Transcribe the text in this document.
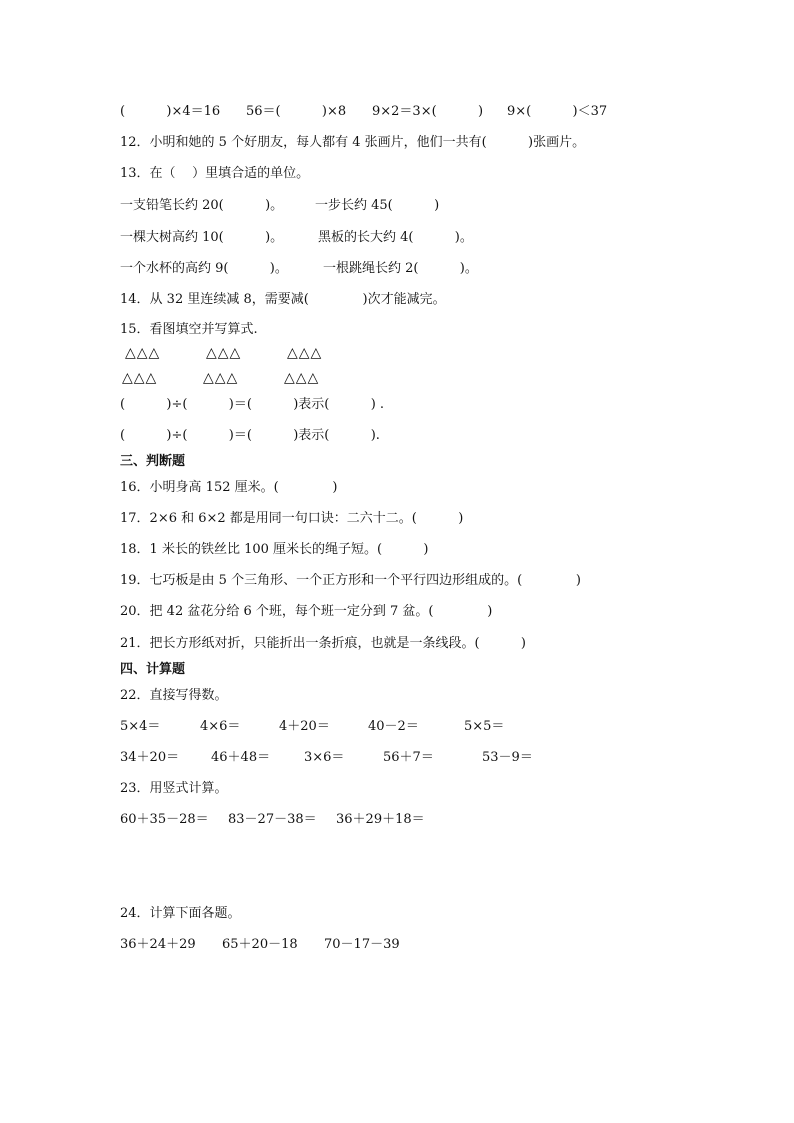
(          )×4＝16 56＝(          )×8 9×2＝3×(          ) 9×(          )＜37
12．小明和她的 5 个好朋友，每人都有 4 张画片，他们一共有(          )张画片。
13．在（    ）里填合适的单位。
一支铅笔长约 20(          )。 一步长约 45(          )
一棵大树高约 10(          )。	黑板的长大约 4(          )。
一个水杯的高约 9(          )。	一根跳绳长约 2(          )。
14．从 32 里连续减 8，需要减(             )次才能减完。
15．看图填空并写算式.
△△△	△△△	△△△
△△△	△△△	△△△
(          )÷(          )＝(          )表示(          ) .
(          )÷(          )＝(          )表示(          ).
三、判断题
16．小明身高 152 厘米。(             )
17．2×6 和 6×2 都是用同一句口诀：二六十二。(          )
18．1 米长的铁丝比 100 厘米长的绳子短。(          )
19．七巧板是由 5 个三角形、一个正方形和一个平行四边形组成的。(             )
20．把 42 盆花分给 6 个班，每个班一定分到 7 盆。(             )
21．把长方形纸对折，只能折出一条折痕，也就是一条线段。(          )
四、计算题
22．直接写得数。
5×4＝	4×6＝	4＋20＝	40－2＝	5×5＝
34＋20＝ 46＋48＝	3×6＝	56＋7＝	53－9＝
23．用竖式计算。
60＋35－28＝ 83－27－38＝ 36＋29＋18＝
24．计算下面各题。
36＋24＋29 65＋20－18 70－17－39
